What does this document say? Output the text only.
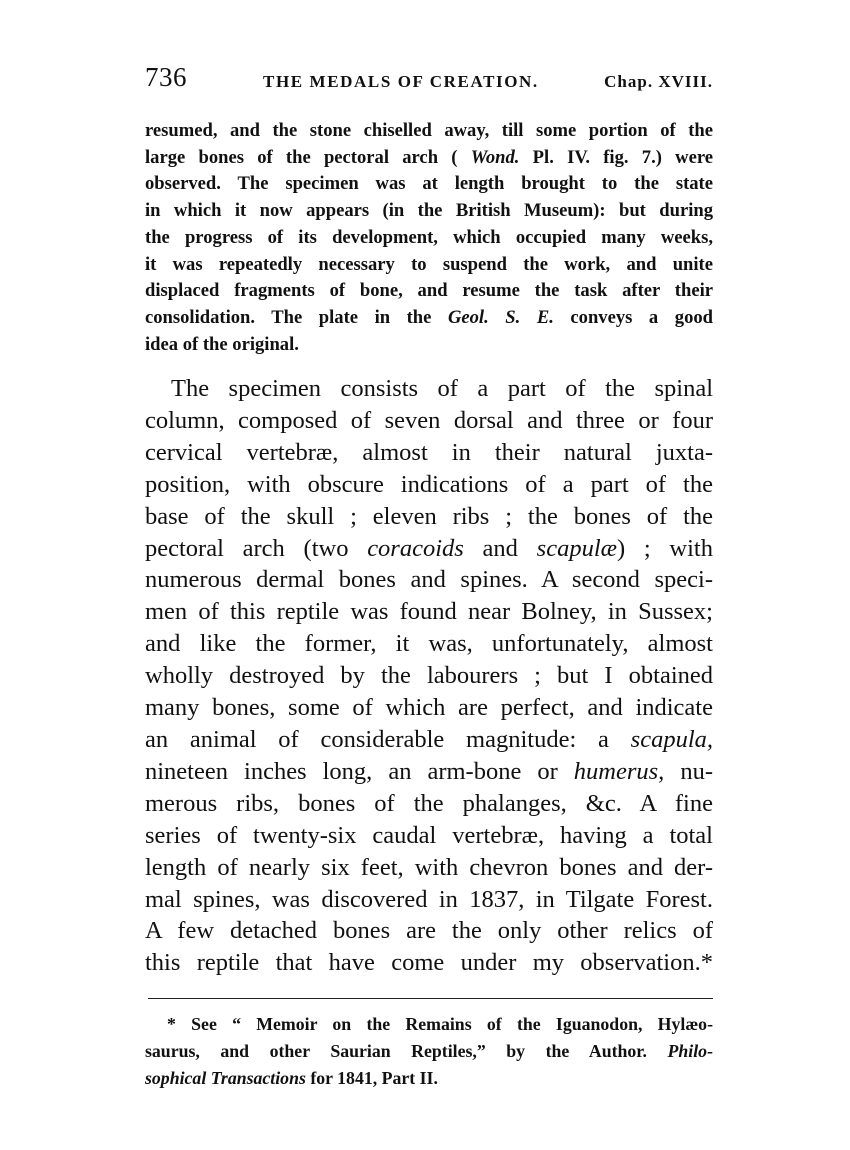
736	THE MEDALS OF CREATION.	Chap. XVIII.
resumed, and the stone chiselled away, till some portion of the
large bones of the pectoral arch ( Wond. Pl. IV. fig. 7.) were
observed. The specimen was at length brought to the state
in which it now appears (in the British Museum): but during
the progress of its development, which occupied many weeks,
it was repeatedly necessary to suspend the work, and unite
displaced fragments of bone, and resume the task after their
consolidation. The plate in the Geol. S. E. conveys a good
idea of the original.
The specimen consists of a part of the spinal
column, composed of seven dorsal and three or four
cervical vertebræ, almost in their natural juxta-
position, with obscure indications of a part of the
base of the skull ; eleven ribs ; the bones of the
pectoral arch (two coracoids and scapulæ) ; with
numerous dermal bones and spines. A second speci-
men of this reptile was found near Bolney, in Sussex;
and like the former, it was, unfortunately, almost
wholly destroyed by the labourers ; but I obtained
many bones, some of which are perfect, and indicate
an animal of considerable magnitude: a scapula,
nineteen inches long, an arm-bone or humerus, nu-
merous ribs, bones of the phalanges, &c. A fine
series of twenty-six caudal vertebræ, having a total
length of nearly six feet, with chevron bones and der-
mal spines, was discovered in 1837, in Tilgate Forest.
A few detached bones are the only other relics of
this reptile that have come under my observation.*
* See “ Memoir on the Remains of the Iguanodon, Hylæo-
saurus, and other Saurian Reptiles,” by the Author. Philo-
sophical Transactions for 1841, Part II.
